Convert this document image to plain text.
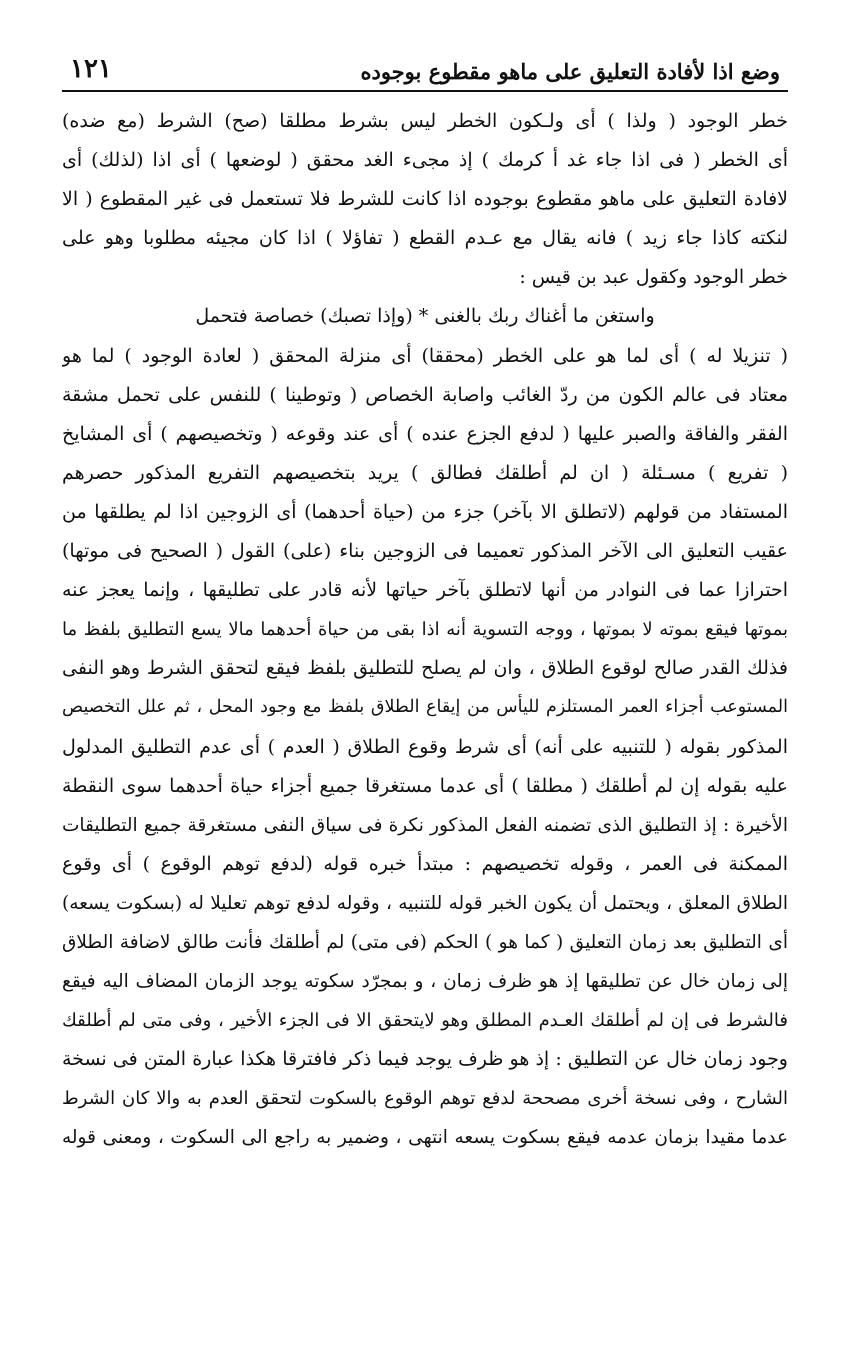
وضع اذا لأفادة التعليق على ماهو مقطوع بوجوده
١٢١
خطر الوجود ( ولذا ) أى ولـكون الخطر ليس بشرط مطلقا (صح) الشرط (مع ضده)
أى الخطر ( فى اذا جاء غد أ كرمك ) إذ مجىء الغد محقق ( لوضعها ) أى اذا (لذلك) أى
لافادة التعليق على ماهو مقطوع بوجوده اذا كانت للشرط فلا تستعمل فى غير المقطوع ( الا
لنكته كاذا جاء زيد ) فانه يقال مع عـدم القطع ( تفاؤلا ) اذا كان مجيئه مطلوبا وهو على
خطر الوجود وكقول عبد بن قيس :
واستغن ما أغناك ربك بالغنى * (وإذا تصبك) خصاصة فتحمل
( تنزيلا له ) أى لما هو على الخطر (محققا) أى منزلة المحقق ( لعادة الوجود ) لما هو
معتاد فى عالم الكون من ردّ الغائب واصابة الخصاص ( وتوطينا ) للنفس على تحمل مشقة
الفقر والفاقة والصبر عليها ( لدفع الجزع عنده ) أى عند وقوعه ( وتخصيصهم ) أى المشايخ
( تفريع ) مسـئلة ( ان لم أطلقك فطالق ) يريد بتخصيصهم التفريع المذكور حصرهم
المستفاد من قولهم (لاتطلق الا بآخر) جزء من (حياة أحدهما) أى الزوجين اذا لم يطلقها من
عقيب التعليق الى الآخر المذكور تعميما فى الزوجين بناء (على) القول ( الصحيح فى موتها)
احترازا عما فى النوادر من أنها لاتطلق بآخر حياتها لأنه قادر على تطليقها ، وإنما يعجز عنه
بموتها فيقع بموته لا بموتها ، ووجه التسوية أنه اذا بقى من حياة أحدهما مالا يسع التطليق بلفظ ما
فذلك القدر صالح لوقوع الطلاق ، وان لم يصلح للتطليق بلفظ فيقع لتحقق الشرط وهو النفى
المستوعب أجزاء العمر المستلزم لليأس من إيقاع الطلاق بلفظ مع وجود المحل ، ثم علل التخصيص
المذكور بقوله ( للتنبيه على أنه) أى شرط وقوع الطلاق ( العدم ) أى عدم التطليق المدلول
عليه بقوله إن لم أطلقك ( مطلقا ) أى عدما مستغرقا جميع أجزاء حياة أحدهما سوى النقطة
الأخيرة : إذ التطليق الذى تضمنه الفعل المذكور نكرة فى سياق النفى مستغرقة جميع التطليقات
الممكنة فى العمر ، وقوله تخصيصهم : مبتدأ خبره قوله (لدفع توهم الوقوع ) أى وقوع
الطلاق المعلق ، ويحتمل أن يكون الخبر قوله للتنبيه ، وقوله لدفع توهم تعليلا له (بسكوت يسعه)
أى التطليق بعد زمان التعليق ( كما هو ) الحكم (فى متى) لم أطلقك فأنت طالق لاضافة الطلاق
إلى زمان خال عن تطليقها إذ هو ظرف زمان ، و بمجرّد سكوته يوجد الزمان المضاف اليه فيقع
فالشرط فى إن لم أطلقك العـدم المطلق وهو لايتحقق الا فى الجزء الأخير ، وفى متى لم أطلقك
وجود زمان خال عن التطليق : إذ هو ظرف يوجد فيما ذكر فافترقا هكذا عبارة المتن فى نسخة
الشارح ، وفى نسخة أخرى مصححة لدفع توهم الوقوع بالسكوت لتحقق العدم به والا كان الشرط
عدما مقيدا بزمان عدمه فيقع بسكوت يسعه انتهى ، وضمير به راجع الى السكوت ، ومعنى قوله
